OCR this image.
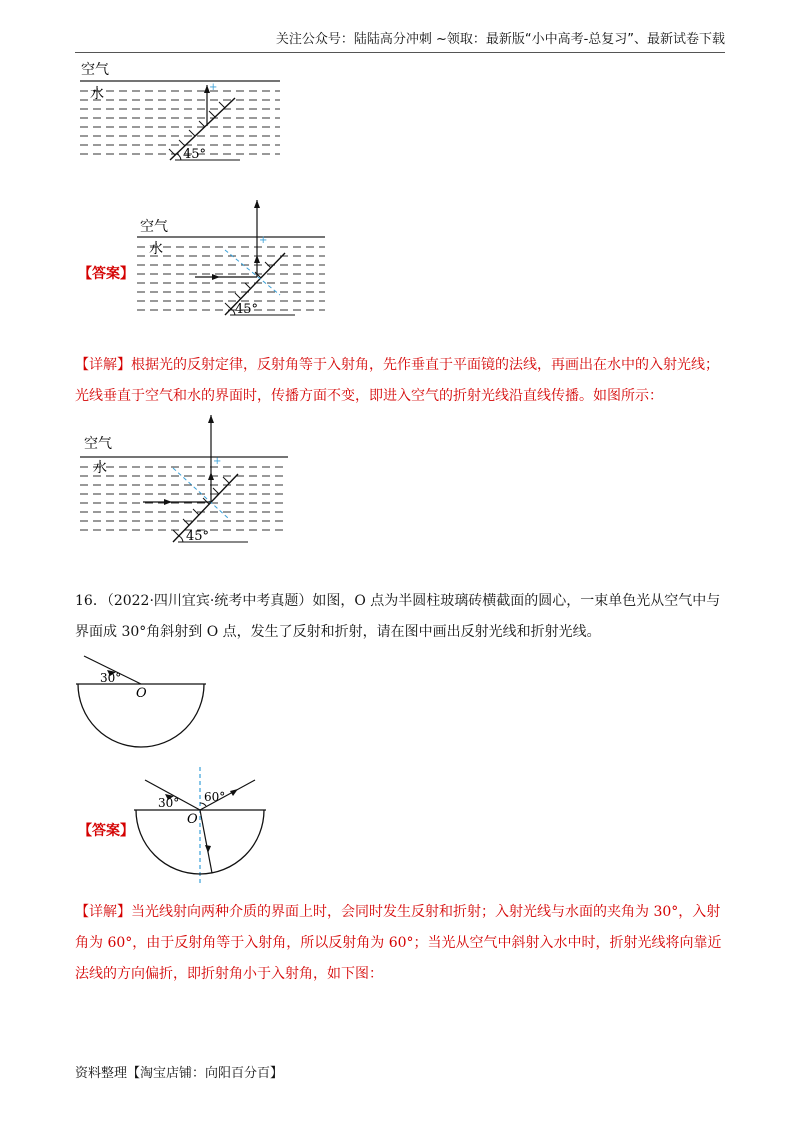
关注公众号：陆陆高分冲刺 ~领取：最新版“小中高考-总复习”、最新试卷下载
空气
水
45°
+
【答案】
空气
水
45°
+
【详解】根据光的反射定律，反射角等于入射角，先作垂直于平面镜的法线，再画出在水中的入射光线；光线垂直于空气和水的界面时，传播方面不变，即进入空气的折射光线沿直线传播。如图所示：
空气
水
45°
+
16．（2022·四川宜宾·统考中考真题）如图，O 点为半圆柱玻璃砖横截面的圆心，一束单色光从空气中与界面成 30°角斜射到 O 点，发生了反射和折射，请在图中画出反射光线和折射光线。
30°
O
【答案】
60°
30°
O
【详解】当光线射向两种介质的界面上时，会同时发生反射和折射；入射光线与水面的夹角为 30°，入射角为 60°，由于反射角等于入射角，所以反射角为 60°；当光从空气中斜射入水中时，折射光线将向靠近法线的方向偏折，即折射角小于入射角，如下图：
资料整理【淘宝店铺：向阳百分百】
